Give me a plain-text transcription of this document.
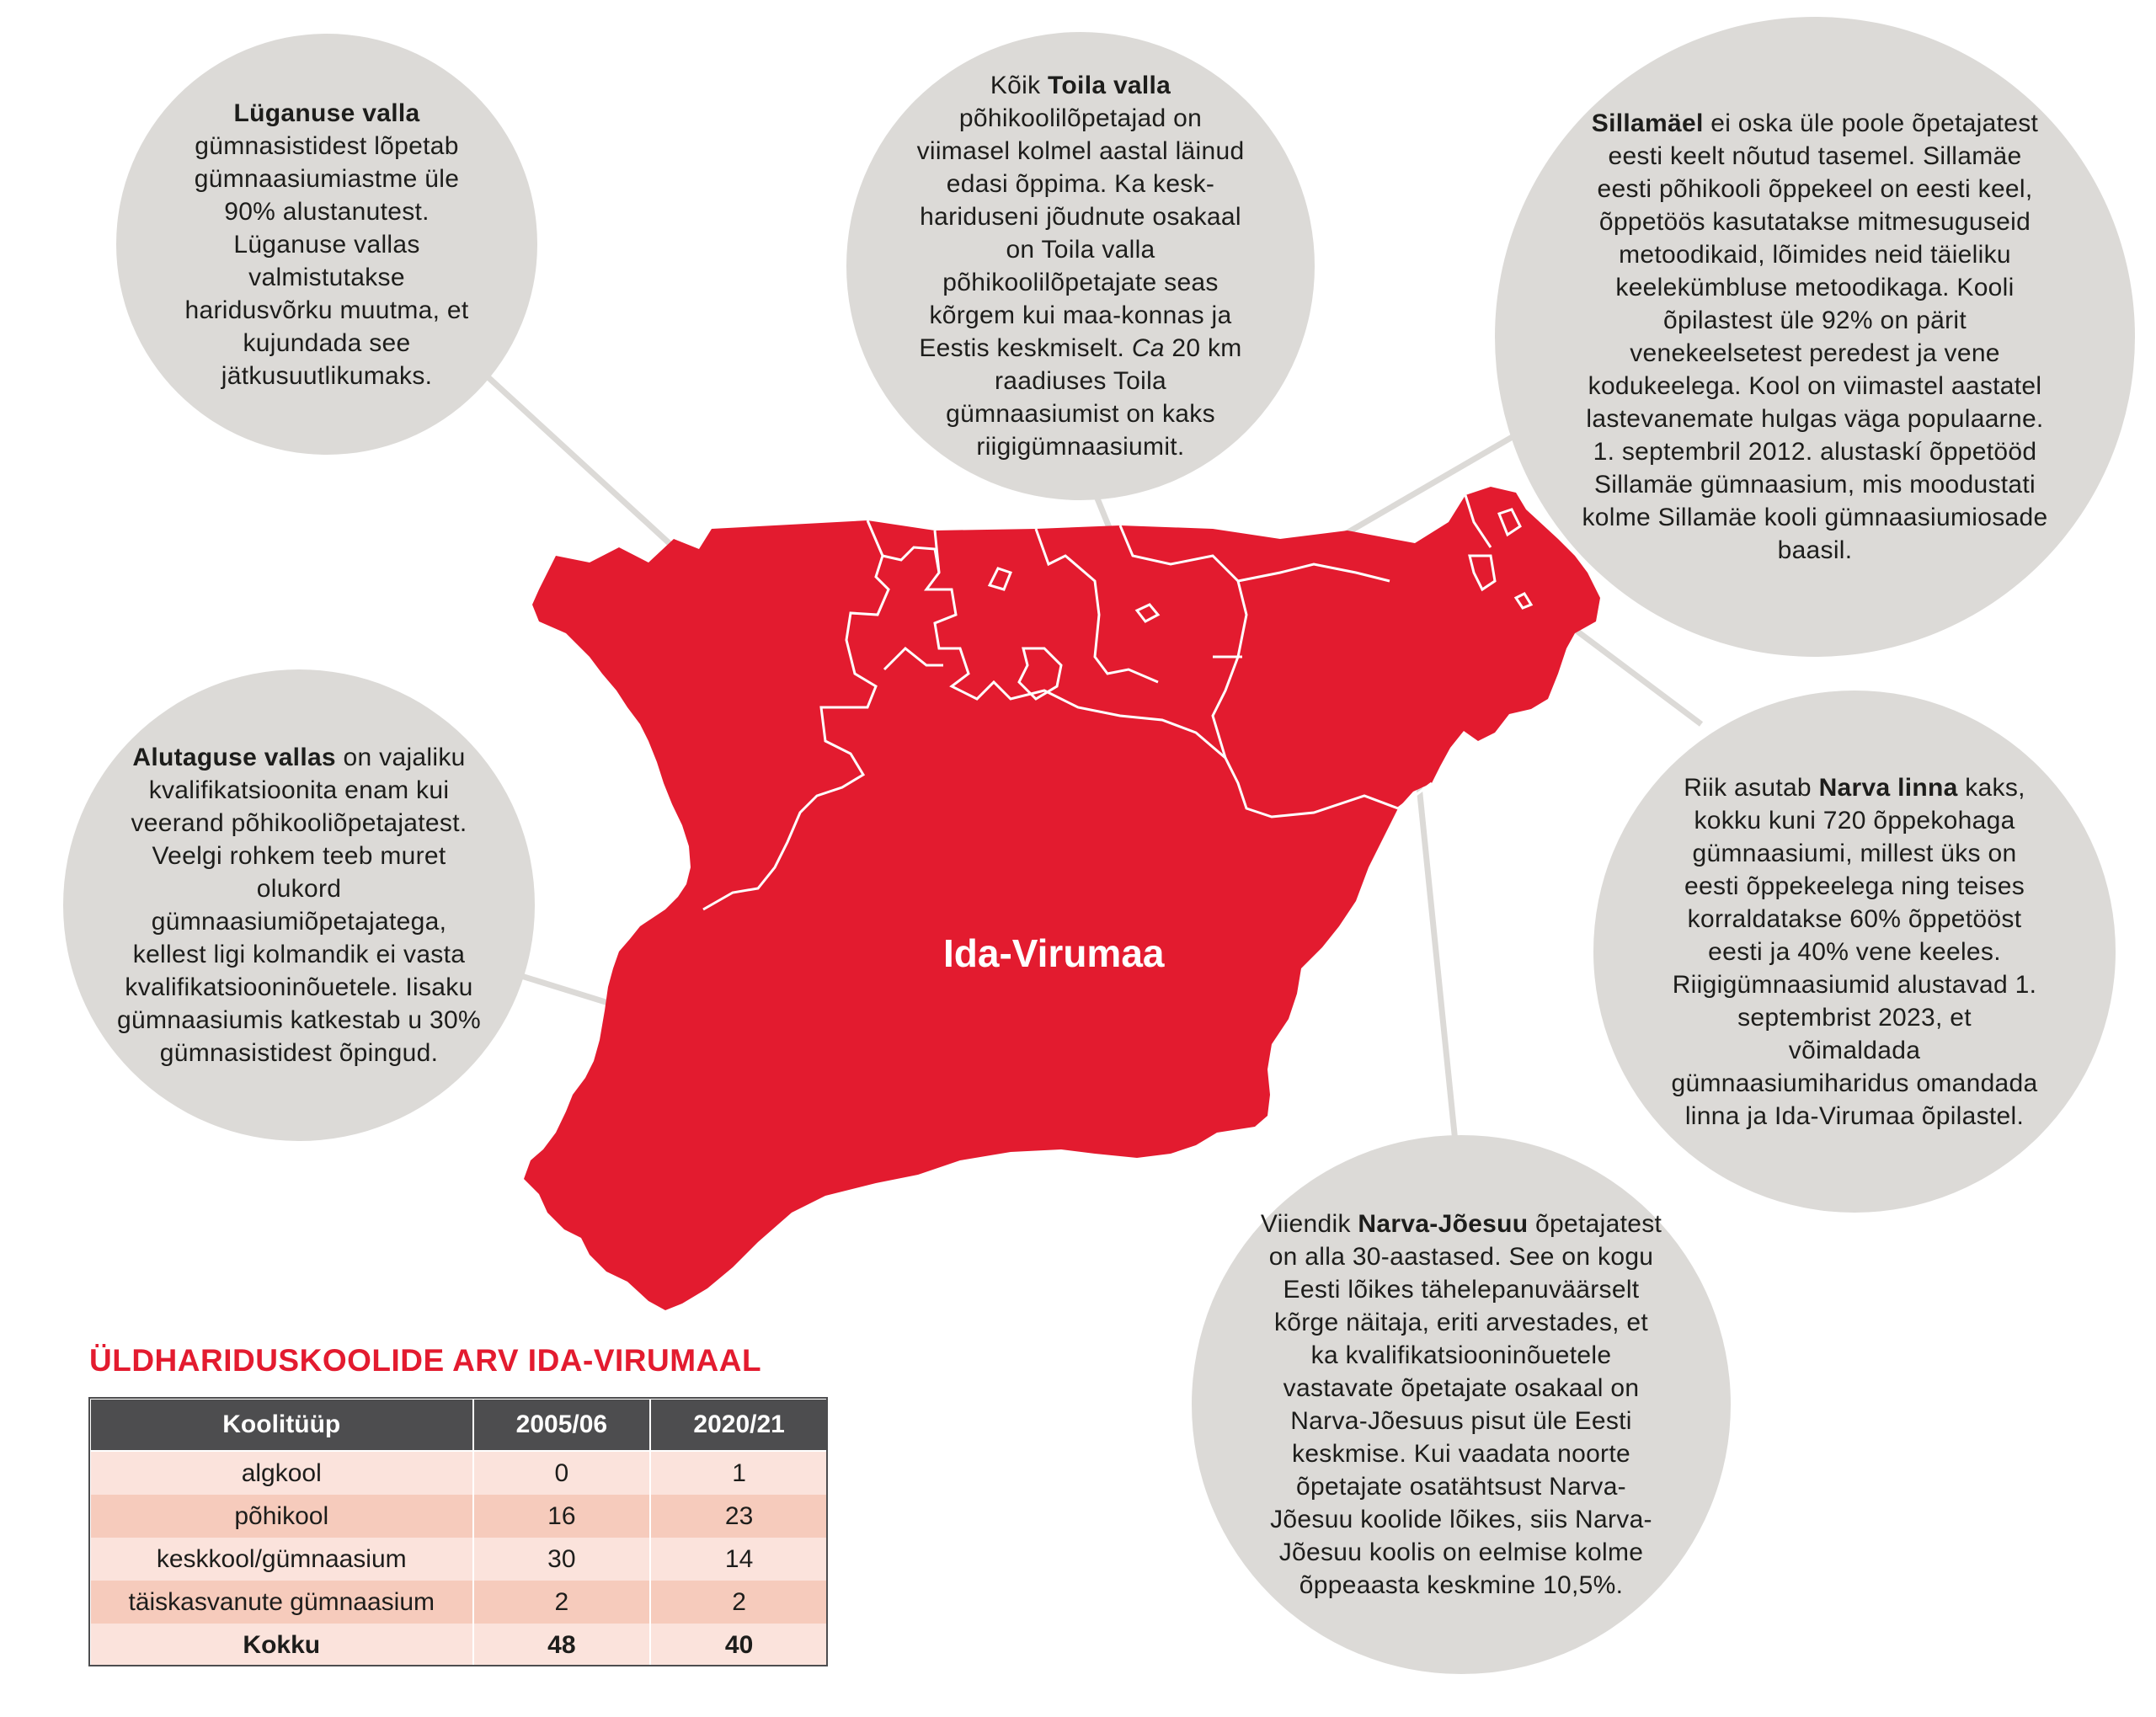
Ida-Virumaa
Lüganuse valla
gümnasistidest lõpetab gümnaasiumiastme üle 90% alustanutest. Lüganuse vallas valmistutakse haridusvõrku muutma, et kujundada see jätkusuutlikumaks.
Kõik Toila valla põhikoolilõpetajad on viimasel kolmel aastal läinud edasi õppima. Ka kesk-hariduseni jõudnute osakaal on Toila valla põhikoolilõpetajate seas kõrgem kui maa-konnas ja Eestis keskmiselt. Ca 20 km raadiuses Toila gümnaasiumist on kaks riigigümnaasiumit.
Sillamäel ei oska üle poole õpetajatest eesti keelt nõutud tasemel. Sillamäe eesti põhikooli õppekeel on eesti keel, õppetöös kasutatakse mitmesuguseid metoodikaid, lõimides neid täieliku keelekümbluse metoodikaga. Kooli õpilastest üle 92% on pärit venekeelsetest peredest ja vene kodukeelega. Kool on viimastel aastatel lastevanemate hulgas väga populaarne. 1. septembril 2012. alustaskí õppetööd Sillamäe gümnaasium, mis moodustati kolme Sillamäe kooli gümnaasiumiosade baasil.
Alutaguse vallas on vajaliku kvalifikatsioonita enam kui veerand põhikooliõpetajatest. Veelgi rohkem teeb muret olukord gümnaasiumiõpetajatega, kellest ligi kolmandik ei vasta kvalifikatsiooninõuetele. Iisaku gümnaasiumis katkestab u 30% gümnasistidest õpingud.
Riik asutab Narva linna kaks, kokku kuni 720 õppekohaga gümnaasiumi, millest üks on eesti õppekeelega ning teises korraldatakse 60% õppetööst eesti ja 40% vene keeles. Riigigümnaasiumid alustavad 1. septembrist 2023, et võimaldada gümnaasiumiharidus omandada linna ja Ida-Virumaa õpilastel.
Viiendik Narva-Jõesuu õpetajatest on alla 30-aastased. See on kogu Eesti lõikes tähelepanuväärselt kõrge näitaja, eriti arvestades, et ka kvalifikatsiooninõuetele vastavate õpetajate osakaal on Narva-Jõesuus pisut üle Eesti keskmise. Kui vaadata noorte õpetajate osatähtsust Narva-Jõesuu koolide lõikes, siis Narva-Jõesuu koolis on eelmise kolme õppeaasta keskmine 10,5%.
ÜLDHARIDUSKOOLIDE ARV IDA-VIRUMAAL
Koolitüüp	2005/06	2020/21
algkool	0	1
põhikool	16	23
keskkool/gümnaasium	30	14
täiskasvanute gümnaasium	2	2
Kokku	48	40
